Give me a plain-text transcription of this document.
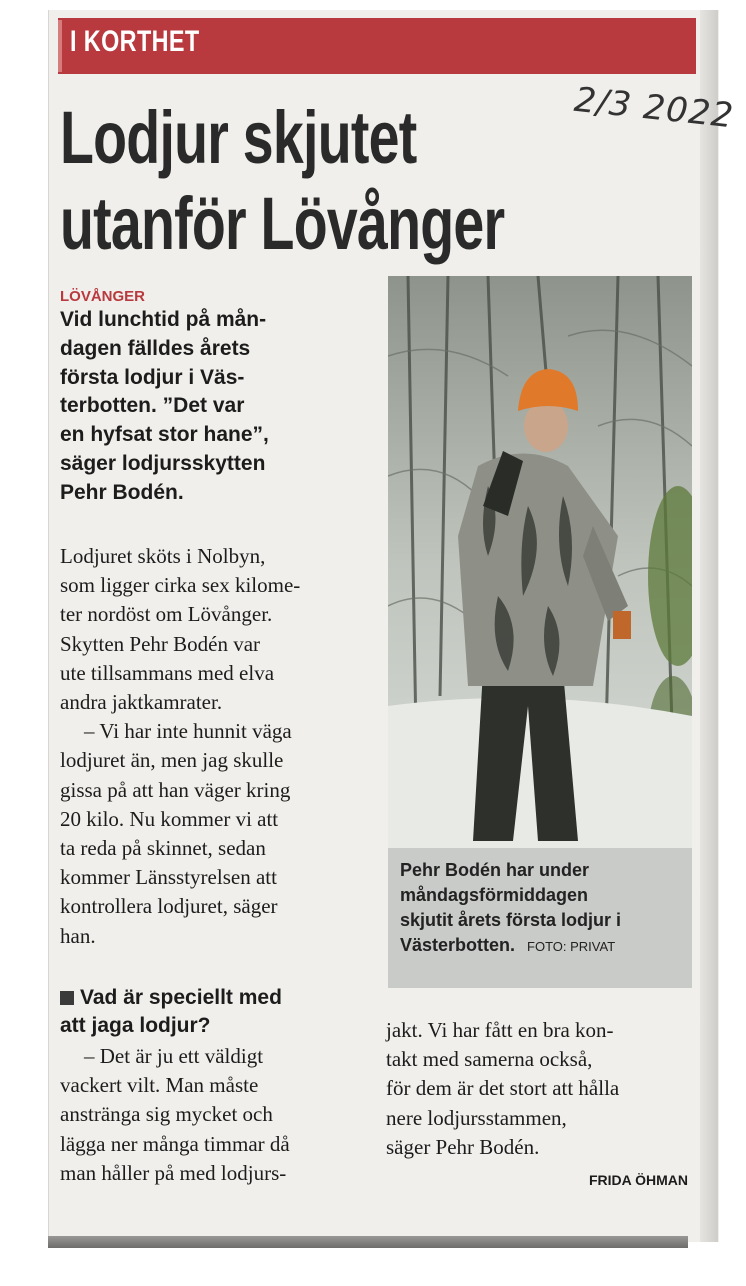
I KORTHET
Lodjur skjutet
utanför Lövånger
2/3 2022
LÖVÅNGER
Vid lunchtid på mån-
dagen fälldes årets
första lodjur i Väs-
terbotten. ”Det var
en hyfsat stor hane”,
säger lodjursskytten
Pehr Bodén.
Lodjuret sköts i Nolbyn,
som ligger cirka sex kilome-
ter nordöst om Lövånger.
Skytten Pehr Bodén var
ute tillsammans med elva
andra jaktkamrater.
– Vi har inte hunnit väga
lodjuret än, men jag skulle
gissa på att han väger kring
20 kilo. Nu kommer vi att
ta reda på skinnet, sedan
kommer Länsstyrelsen att
kontrollera lodjuret, säger
han.
Vad är speciellt med
att jaga lodjur?
– Det är ju ett väldigt
vackert vilt. Man måste
anstränga sig mycket och
lägga ner många timmar då
man håller på med lodjurs-
jakt. Vi har fått en bra kon-
takt med samerna också,
för dem är det stort att hålla
nere lodjursstammen,
säger Pehr Bodén.
FRIDA ÖHMAN
Pehr Bodén har under
måndagsförmiddagen
skjutit årets första lodjur i
Västerbotten. FOTO: PRIVAT
